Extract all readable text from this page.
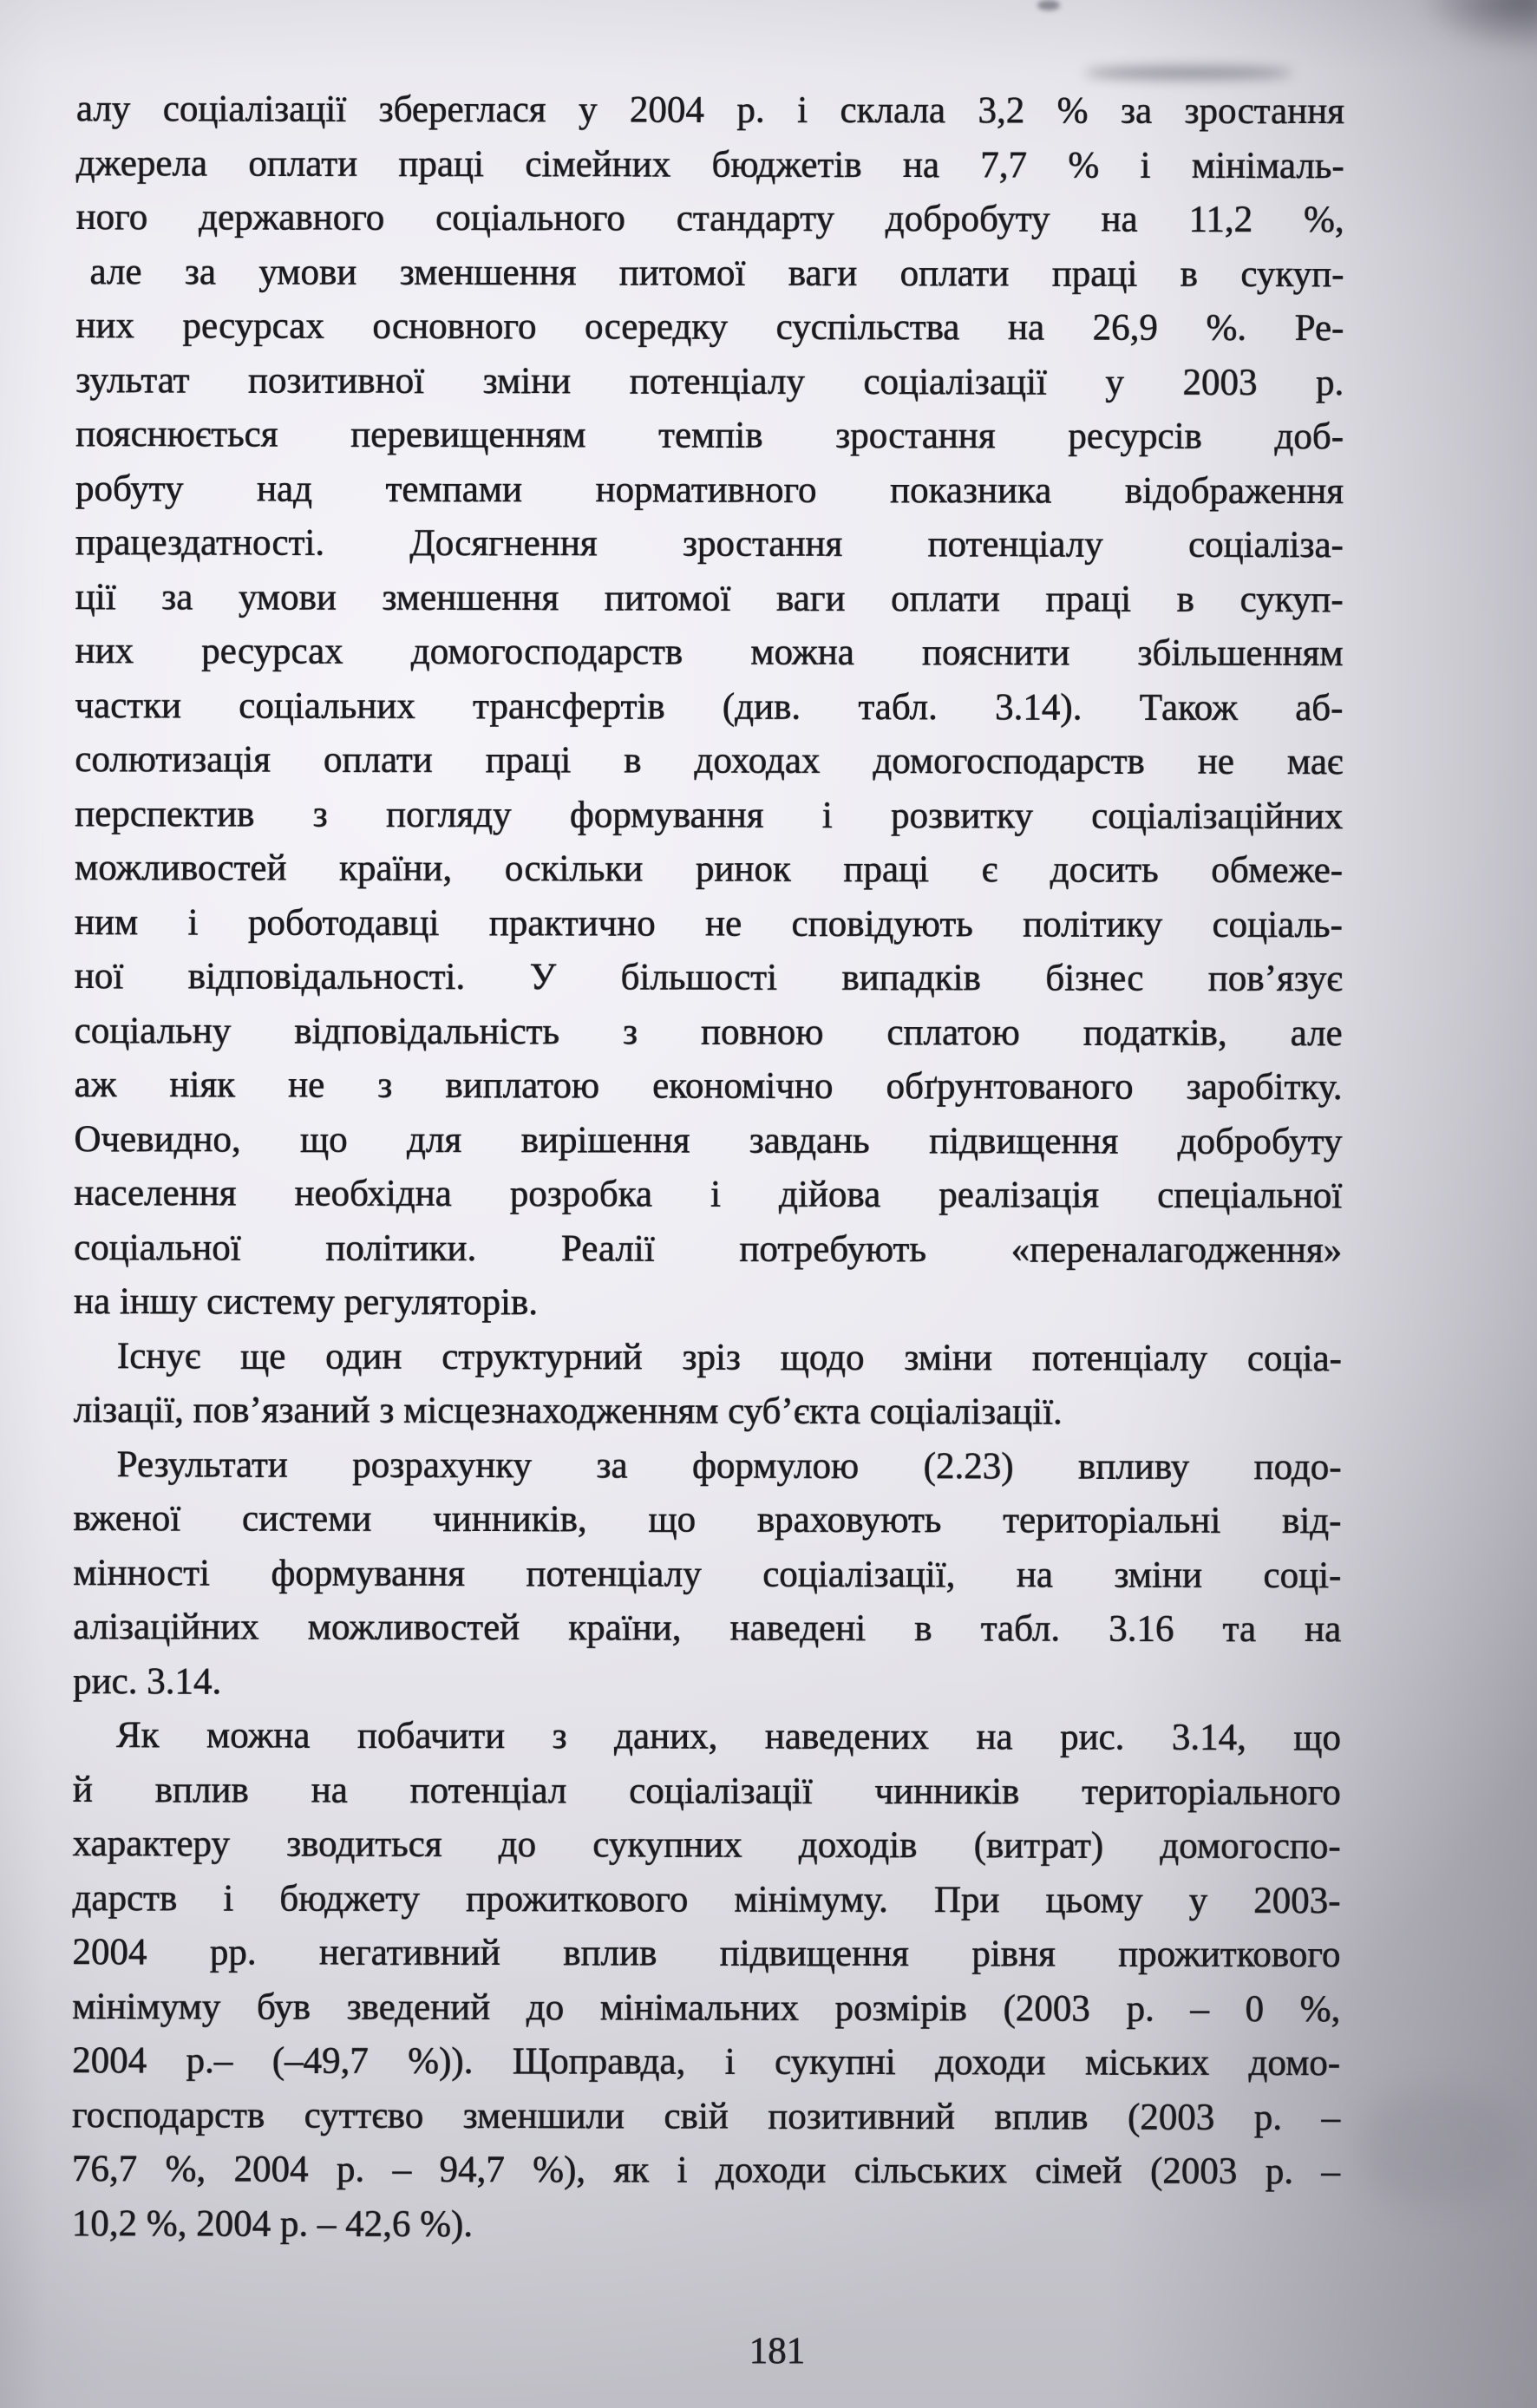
алу соціалізації збереглася у 2004 р. і склала 3,2 % за зростання
джерела оплати праці сімейних бюджетів на 7,7 % і мінімаль-
ного державного соціального стандарту добробуту на 11,2 %,
але за умови зменшення питомої ваги оплати праці в сукуп-
них ресурсах основного осередку суспільства на 26,9 %. Ре-
зультат позитивної зміни потенціалу соціалізації у 2003 р.
пояснюється перевищенням темпів зростання ресурсів доб-
робуту над темпами нормативного показника відображення
працездатності. Досягнення зростання потенціалу соціаліза-
ції за умови зменшення питомої ваги оплати праці в сукуп-
них ресурсах домогосподарств можна пояснити збільшенням
частки соціальних трансфертів (див. табл. 3.14). Також аб-
солютизація оплати праці в доходах домогосподарств не має
перспектив з погляду формування і розвитку соціалізаційних
можливостей країни, оскільки ринок праці є досить обмеже-
ним і роботодавці практично не сповідують політику соціаль-
ної відповідальності. У більшості випадків бізнес пов’язує
соціальну відповідальність з повною сплатою податків, але
аж ніяк не з виплатою економічно обґрунтованого заробітку.
Очевидно, що для вирішення завдань підвищення добробуту
населення необхідна розробка і дійова реалізація спеціальної
соціальної політики. Реалії потребують «переналагодження»
на іншу систему регуляторів.
Існує ще один структурний зріз щодо зміни потенціалу соціа-
лізації, пов’язаний з місцезнаходженням суб’єкта соціалізації.
Результати розрахунку за формулою (2.23) впливу подо-
вженої системи чинників, що враховують територіальні від-
мінності формування потенціалу соціалізації, на зміни соці-
алізаційних можливостей країни, наведені в табл. 3.16 та на
рис. 3.14.
Як можна побачити з даних, наведених на рис. 3.14, що
й вплив на потенціал соціалізації чинників територіального
характеру зводиться до сукупних доходів (витрат) домогоспо-
дарств і бюджету прожиткового мінімуму. При цьому у 2003-
2004 рр. негативний вплив підвищення рівня прожиткового
мінімуму був зведений до мінімальних розмірів (2003 р. – 0 %,
2004 р.– (–49,7 %)). Щоправда, і сукупні доходи міських домо-
господарств суттєво зменшили свій позитивний вплив (2003 р. –
76,7 %, 2004 р. – 94,7 %), як і доходи сільських сімей (2003 р. –
10,2 %, 2004 р. – 42,6 %).
181
